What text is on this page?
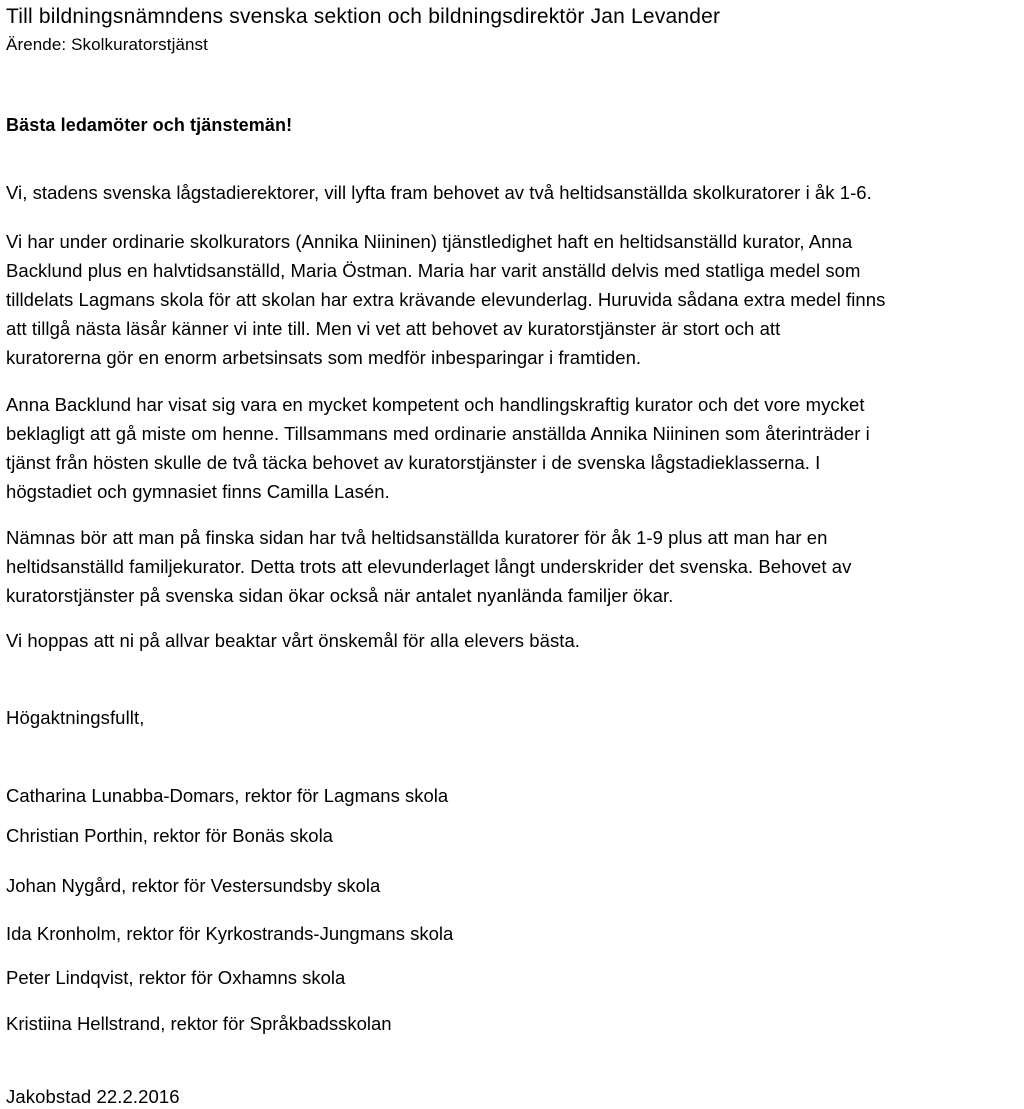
Till bildningsnämndens svenska sektion och bildningsdirektör Jan Levander
Ärende: Skolkuratorstjänst
Bästa ledamöter och tjänstemän!
Vi, stadens svenska lågstadierektorer, vill lyfta fram behovet av två heltidsanställda skolkuratorer i åk 1-6.
Vi har under ordinarie skolkurators (Annika Niininen) tjänstledighet haft en heltidsanställd kurator, Anna
Backlund plus en halvtidsanställd, Maria Östman. Maria har varit anställd delvis med statliga medel som
tilldelats Lagmans skola för att skolan har extra krävande elevunderlag. Huruvida sådana extra medel finns
att tillgå nästa läsår känner vi inte till. Men vi vet att behovet av kuratorstjänster är stort och att
kuratorerna gör en enorm arbetsinsats som medför inbesparingar i framtiden.
Anna Backlund har visat sig vara en mycket kompetent och handlingskraftig kurator och det vore mycket
beklagligt att gå miste om henne. Tillsammans med ordinarie anställda Annika Niininen som återinträder i
tjänst från hösten skulle de två täcka behovet av kuratorstjänster i de svenska lågstadieklasserna. I
högstadiet och gymnasiet finns Camilla Lasén.
Nämnas bör att man på finska sidan har två heltidsanställda kuratorer för åk 1-9 plus att man har en
heltidsanställd familjekurator. Detta trots att elevunderlaget långt underskrider det svenska. Behovet av
kuratorstjänster på svenska sidan ökar också när antalet nyanlända familjer ökar.
Vi hoppas att ni på allvar beaktar vårt önskemål för alla elevers bästa.
Högaktningsfullt,
Catharina Lunabba-Domars, rektor för Lagmans skola
Christian Porthin, rektor för Bonäs skola
Johan Nygård, rektor för Vestersundsby skola
Ida Kronholm, rektor för Kyrkostrands-Jungmans skola
Peter Lindqvist, rektor för Oxhamns skola
Kristiina Hellstrand, rektor för Språkbadsskolan
Jakobstad 22.2.2016
